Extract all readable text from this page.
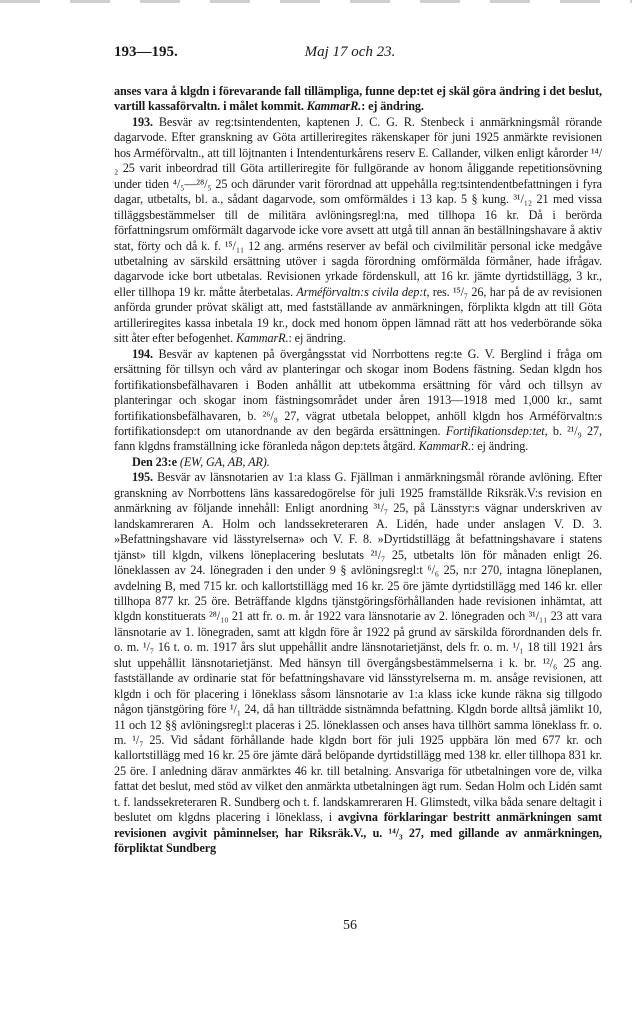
193—195.	Maj 17 och 23.

anses vara å klgdn i förevarande fall tillämpliga, funne dep:tet ej skäl göra ändring i det beslut, vartill kassaförvaltn. i målet kommit. KammarR.: ej ändring.

193. Besvär av reg:tsintendenten, kaptenen J. C. G. R. Stenbeck i anmärkningsmål rörande dagarvode. Efter granskning av Göta artilleriregites räkenskaper för juni 1925 anmärkte revisionen hos Arméförvaltn., att till löjtnanten i Intendenturkårens reserv E. Callander, vilken enligt kårorder ¹⁴/₂ 25 varit inbeordrad till Göta artilleriregite för fullgörande av honom åliggande repetitionsövning under tiden ⁴/₅—²⁸/₅ 25 och därunder varit förordnad att uppehålla reg:tsintendentbefattningen i fyra dagar, utbetalts, bl. a., sådant dagarvode, som omförmäldes i 13 kap. 5 § kung. ³¹/₁₂ 21 med vissa tilläggsbestämmelser till de militära avlöningsregl:na, med tillhopa 16 kr. Då i berörda författningsrum omförmält dagarvode icke vore avsett att utgå till annan än beställningshavare å aktiv stat, förty och då k. f. ¹⁵/₁₁ 12 ang. arméns reserver av befäl och civilmilitär personal icke medgåve utbetalning av särskild ersättning utöver i sagda förordning omförmälda förmåner, hade ifrågav. dagarvode icke bort utbetalas. Revisionen yrkade fördenskull, att 16 kr. jämte dyrtidstillägg, 3 kr., eller tillhopa 19 kr. måtte återbetalas. Arméförvaltn:s civila dep:t, res. ¹⁵/₇ 26, har på de av revisionen anförda grunder prövat skäligt att, med fastställande av anmärkningen, förplikta klgdn att till Göta artilleriregites kassa inbetala 19 kr., dock med honom öppen lämnad rätt att hos vederbörande söka sitt åter efter befogenhet. KammarR.: ej ändring.

194. Besvär av kaptenen på övergångsstat vid Norrbottens reg:te G. V. Berglind i fråga om ersättning för tillsyn och vård av planteringar och skogar inom Bodens fästning. Sedan klgdn hos fortifikationsbefälhavaren i Boden anhållit att utbekomma ersättning för vård och tillsyn av planteringar och skogar inom fästningsområdet under åren 1913—1918 med 1,000 kr., samt fortifikationsbefälhavaren, b. ²⁶/₈ 27, vägrat utbetala beloppet, anhöll klgdn hos Arméförvaltn:s fortifikationsdep:t om utanordnande av den begärda ersättningen. Fortifikationsdep:tet, b. ²¹/₉ 27, fann klgdns framställning icke föranleda någon dep:tets åtgärd. KammarR.: ej ändring.

Den 23:e (EW, GA, AB, AR).

195. Besvär av länsnotarien av 1:a klass G. Fjällman i anmärkningsmål rörande avlöning. Efter granskning av Norrbottens läns kassaredogörelse för juli 1925 framställde Riksräk.V:s revision en anmärkning av följande innehåll: Enligt anordning ³¹/₇ 25, på Länsstyr:s vägnar underskriven av landskamreraren A. Holm och landssekreteraren A. Lidén, hade under anslagen V. D. 3. »Befattningshavare vid lässtyrelserna» och V. F. 8. »Dyrtidstillägg åt befattningshavare i statens tjänst» till klgdn, vilkens löneplacering beslutats ²¹/₇ 25, utbetalts lön för månaden enligt 26. löneklassen av 24. lönegraden i den under 9 § avlöningsregl:t ⁶/₆ 25, n:r 270, intagna löneplanen, avdelning B, med 715 kr. och kallortstillägg med 16 kr. 25 öre jämte dyrtidstillägg med 146 kr. eller tillhopa 877 kr. 25 öre. Beträffande klgdns tjänstgöringsförhållanden hade revisionen inhämtat, att klgdn konstituerats ²⁸/₁₀ 21 att fr. o. m. år 1922 vara länsnotarie av 2. lönegraden och ³¹/₁₁ 23 att vara länsnotarie av 1. lönegraden, samt att klgdn före år 1922 på grund av särskilda förordnanden dels fr. o. m. ¹/₇ 16 t. o. m. 1917 års slut uppehållit andre länsnotarietjänst, dels fr. o. m. ¹/₁ 18 till 1921 års slut uppehållit länsnotarietjänst. Med hänsyn till övergångsbestämmelserna i k. br. ¹²/₆ 25 ang. fastställande av ordinarie stat för befattningshavare vid länsstyrelserna m. m. ansåge revisionen, att klgdn i och för placering i löneklass såsom länsnotarie av 1:a klass icke kunde räkna sig tillgodo någon tjänstgöring före ¹/₁ 24, då han tillträdde sistnämnda befattning. Klgdn borde alltså jämlikt 10, 11 och 12 §§ avlöningsregl:t placeras i 25. löneklassen och anses hava tillhört samma löneklass fr. o. m. ¹/₇ 25. Vid sådant förhållande hade klgdn bort för juli 1925 uppbära lön med 677 kr. och kallortstillägg med 16 kr. 25 öre jämte därå belöpande dyrtidstillägg med 138 kr. eller tillhopa 831 kr. 25 öre. I anledning därav anmärktes 46 kr. till betalning. Ansvariga för utbetalningen vore de, vilka fattat det beslut, med stöd av vilket den anmärkta utbetalningen ägt rum. Sedan Holm och Lidén samt t. f. landssekreteraren R. Sundberg och t. f. landskamreraren H. Glimstedt, vilka båda senare deltagit i beslutet om klgdns placering i löneklass, i avgivna förklaringar bestritt anmärkningen samt revisionen avgivit påminnelser, har Riksräk.V., u. ¹⁴/₃ 27, med gillande av anmärkningen, förpliktat Sundberg

56
